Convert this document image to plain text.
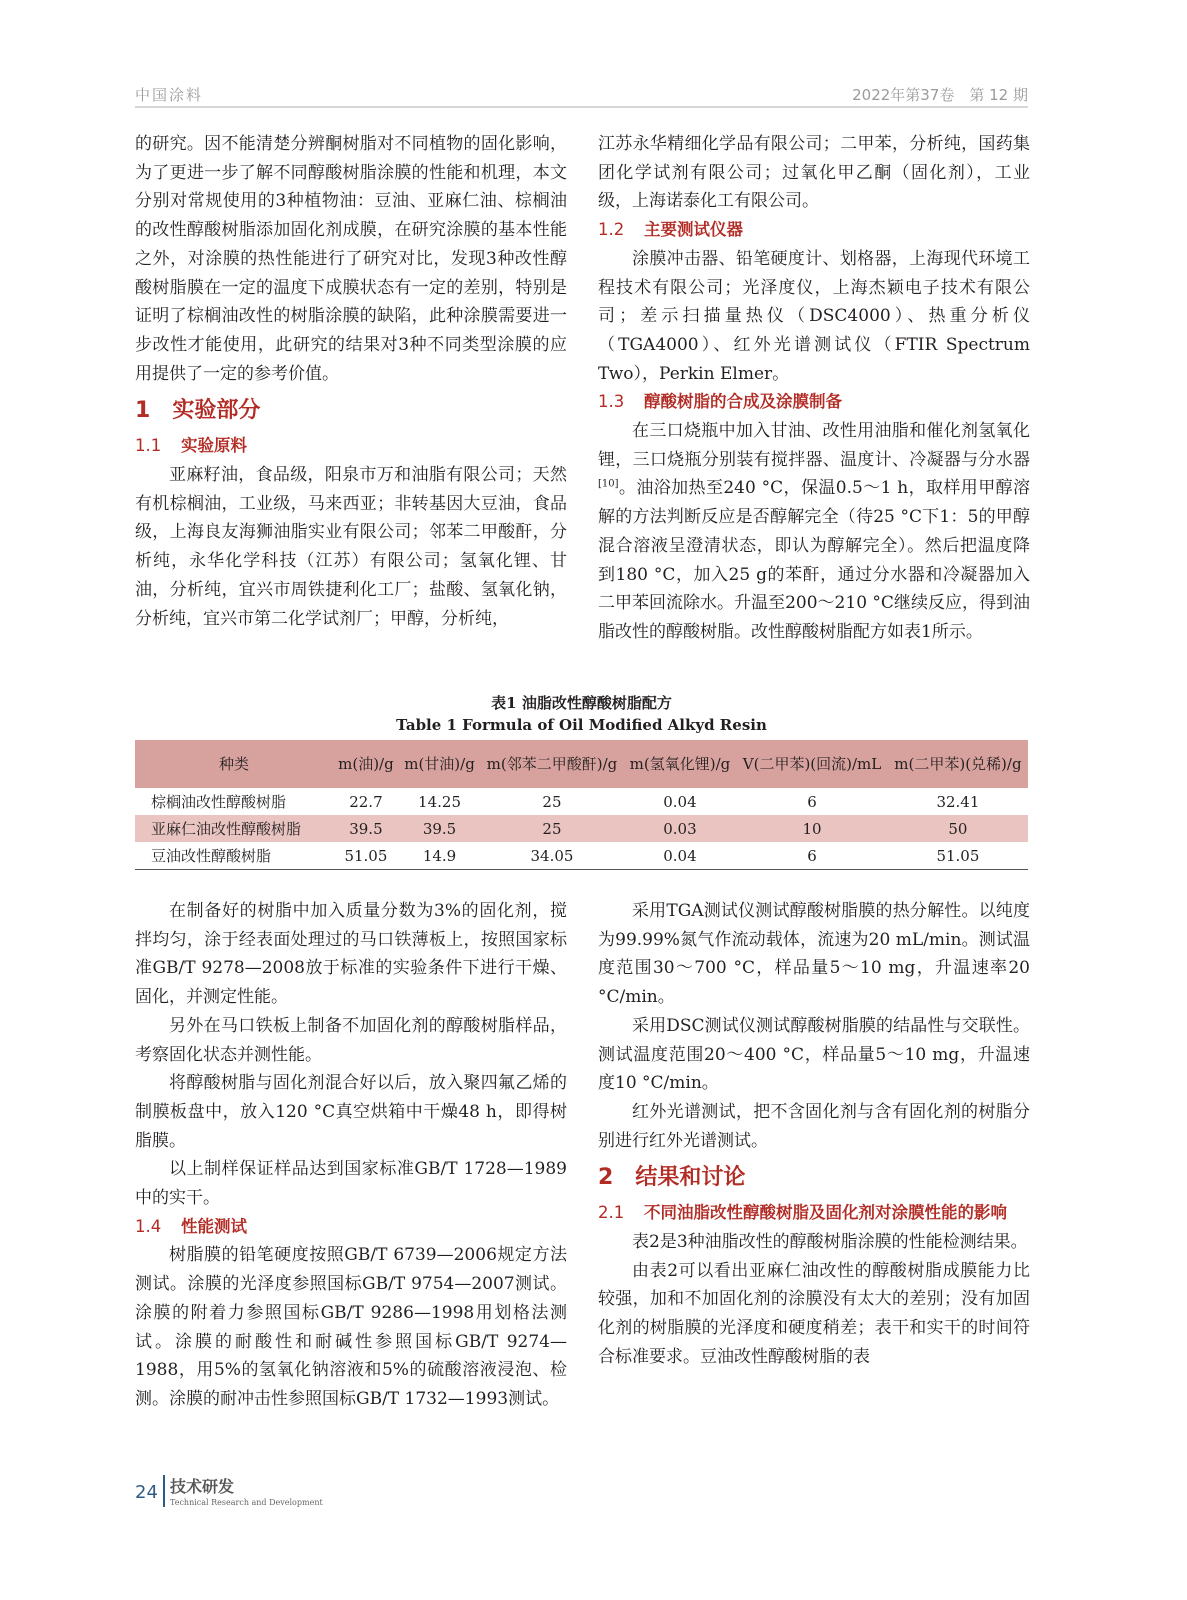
中国涂料	2022年第37卷　第 12 期

的研究。因不能清楚分辨酮树脂对不同植物的固化影响，为了更进一步了解不同醇酸树脂涂膜的性能和机理，本文分别对常规使用的3种植物油：豆油、亚麻仁油、棕榈油的改性醇酸树脂添加固化剂成膜，在研究涂膜的基本性能之外，对涂膜的热性能进行了研究对比，发现3种改性醇酸树脂膜在一定的温度下成膜状态有一定的差别，特别是证明了棕榈油改性的树脂涂膜的缺陷，此种涂膜需要进一步改性才能使用，此研究的结果对3种不同类型涂膜的应用提供了一定的参考价值。

1　 实验部分
1.1 实验原料

亚麻籽油，食品级，阳泉市万和油脂有限公司；天然有机棕榈油，工业级，马来西亚；非转基因大豆油，食品级，上海良友海狮油脂实业有限公司；邻苯二甲酸酐，分析纯，永华化学科技（江苏）有限公司；氢氧化锂、甘油，分析纯，宜兴市周铁捷利化工厂；盐酸、氢氧化钠，分析纯，宜兴市第二化学试剂厂；甲醇，分析纯，

江苏永华精细化学品有限公司；二甲苯，分析纯，国药集团化学试剂有限公司；过氧化甲乙酮（固化剂），工业级，上海诺泰化工有限公司。

1.2 主要测试仪器

涂膜冲击器、铅笔硬度计、划格器，上海现代环境工程技术有限公司；光泽度仪，上海杰颖电子技术有限公司；差示扫描量热仪（DSC4000）、热重分析仪（TGA4000）、红外光谱测试仪（FTIR Spectrum Two），Perkin Elmer。

1.3 醇酸树脂的合成及涂膜制备

在三口烧瓶中加入甘油、改性用油脂和催化剂氢氧化锂，三口烧瓶分别装有搅拌器、温度计、冷凝器与分水器[10]。油浴加热至240 °C，保温0.5～1 h，取样用甲醇溶解的方法判断反应是否醇解完全（待25 °C下1：5的甲醇混合溶液呈澄清状态，即认为醇解完全）。然后把温度降到180 °C，加入25 g的苯酐，通过分水器和冷凝器加入二甲苯回流除水。升温至200～210 °C继续反应，得到油脂改性的醇酸树脂。改性醇酸树脂配方如表1所示。

表1 油脂改性醇酸树脂配方
Table 1 Formula of Oil Modified Alkyd Resin
种类	m(油)/g	m(甘油)/g	m(邻苯二甲酸酐)/g	m(氢氧化锂)/g	V(二甲苯)(回流)/mL	m(二甲苯)(兑稀)/g
棕榈油改性醇酸树脂	22.7	14.25	25	0.04	6	32.41
亚麻仁油改性醇酸树脂	39.5	39.5	25	0.03	10	50
豆油改性醇酸树脂	51.05	14.9	34.05	0.04	6	51.05

在制备好的树脂中加入质量分数为3%的固化剂，搅拌均匀，涂于经表面处理过的马口铁薄板上，按照国家标准GB/T 9278—2008放于标准的实验条件下进行干燥、固化，并测定性能。

另外在马口铁板上制备不加固化剂的醇酸树脂样品，考察固化状态并测性能。

将醇酸树脂与固化剂混合好以后，放入聚四氟乙烯的制膜板盘中，放入120 °C真空烘箱中干燥48 h，即得树脂膜。

以上制样保证样品达到国家标准GB/T 1728—1989中的实干。

1.4 性能测试

树脂膜的铅笔硬度按照GB/T 6739—2006规定方法测试。涂膜的光泽度参照国标GB/T 9754—2007测试。涂膜的附着力参照国标GB/T 9286—1998用划格法测试。涂膜的耐酸性和耐碱性参照国标GB/T 9274—1988，用5%的氢氧化钠溶液和5%的硫酸溶液浸泡、检测。涂膜的耐冲击性参照国标GB/T 1732—1993测试。

采用TGA测试仪测试醇酸树脂膜的热分解性。以纯度为99.99%氮气作流动载体，流速为20 mL/min。测试温度范围30～700 °C，样品量5～10 mg，升温速率20 °C/min。

采用DSC测试仪测试醇酸树脂膜的结晶性与交联性。测试温度范围20～400 °C，样品量5～10 mg，升温速度10 °C/min。

红外光谱测试，把不含固化剂与含有固化剂的树脂分别进行红外光谱测试。

2　 结果和讨论
2.1 不同油脂改性醇酸树脂及固化剂对涂膜性能的影响

表2是3种油脂改性的醇酸树脂涂膜的性能检测结果。

由表2可以看出亚麻仁油改性的醇酸树脂成膜能力比较强，加和不加固化剂的涂膜没有太大的差别；没有加固化剂的树脂膜的光泽度和硬度稍差；表干和实干的时间符合标准要求。豆油改性醇酸树脂的表

24 技术研发
Technical Research and Development
